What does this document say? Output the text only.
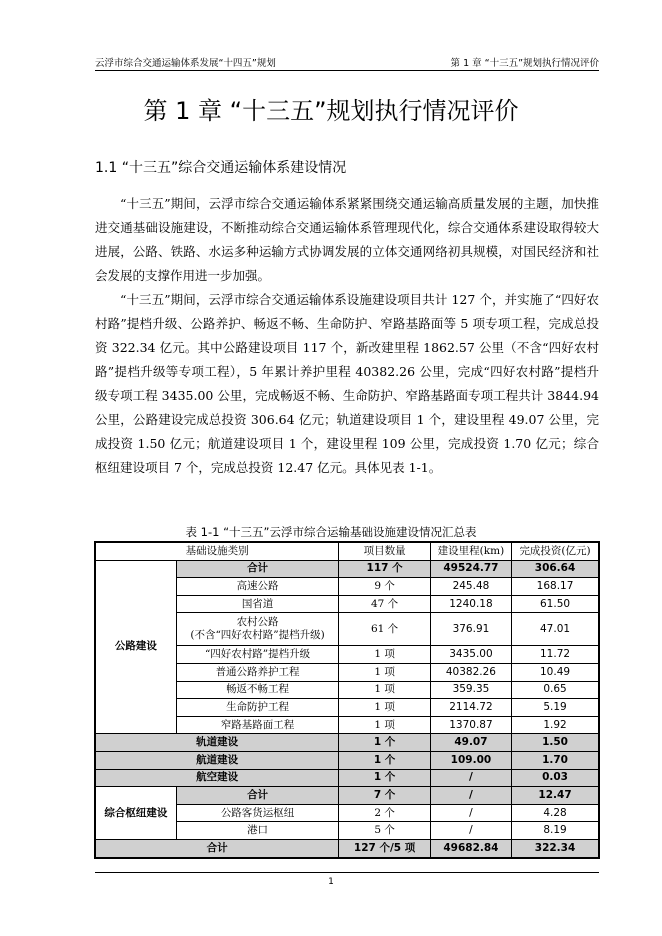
云浮市综合交通运输体系发展“十四五”规划	第 1 章 “十三五”规划执行情况评价
第 1 章 “十三五”规划执行情况评价
1.1 “十三五”综合交通运输体系建设情况

“十三五”期间，云浮市综合交通运输体系紧紧围绕交通运输高质量发展的主题，加快推进交通基础设施建设，不断推动综合交通运输体系管理现代化，综合交通体系建设取得较大进展，公路、铁路、水运多种运输方式协调发展的立体交通网络初具规模，对国民经济和社会发展的支撑作用进一步加强。

“十三五”期间，云浮市综合交通运输体系设施建设项目共计 127 个，并实施了“四好农村路”提档升级、公路养护、畅返不畅、生命防护、窄路基路面等 5 项专项工程，完成总投资 322.34 亿元。其中公路建设项目 117 个，新改建里程 1862.57 公里（不含“四好农村路”提档升级等专项工程），5 年累计养护里程 40382.26 公里，完成“四好农村路”提档升级专项工程 3435.00 公里，完成畅返不畅、生命防护、窄路基路面专项工程共计 3844.94 公里，公路建设完成总投资 306.64 亿元；轨道建设项目 1 个，建设里程 49.07 公里，完成投资 1.50 亿元；航道建设项目 1 个，建设里程 109 公里，完成投资 1.70 亿元；综合枢纽建设项目 7 个，完成总投资 12.47 亿元。具体见表 1-1。

表 1-1 “十三五”云浮市综合运输基础设施建设情况汇总表
基础设施类别		项目数量	建设里程(km)	完成投资(亿元)
公路建设	合计	117 个	49524.77	306.64
	高速公路	9 个	245.48	168.17
	国省道	47 个	1240.18	61.50
	农村公路
(不含“四好农村路”提档升级)	61 个	376.91	47.01
	“四好农村路”提档升级	1 项	3435.00	11.72
	普通公路养护工程	1 项	40382.26	10.49
	畅返不畅工程	1 项	359.35	0.65
	生命防护工程	1 项	2114.72	5.19
	窄路基路面工程	1 项	1370.87	1.92
轨道建设		1 个	49.07	1.50
航道建设		1 个	109.00	1.70
航空建设		1 个	/	0.03
综合枢纽建设	合计	7 个	/	12.47
	公路客货运枢纽	2 个	/	4.28
	港口	5 个	/	8.19
合计		127 个/5 项	49682.84	322.34
1
